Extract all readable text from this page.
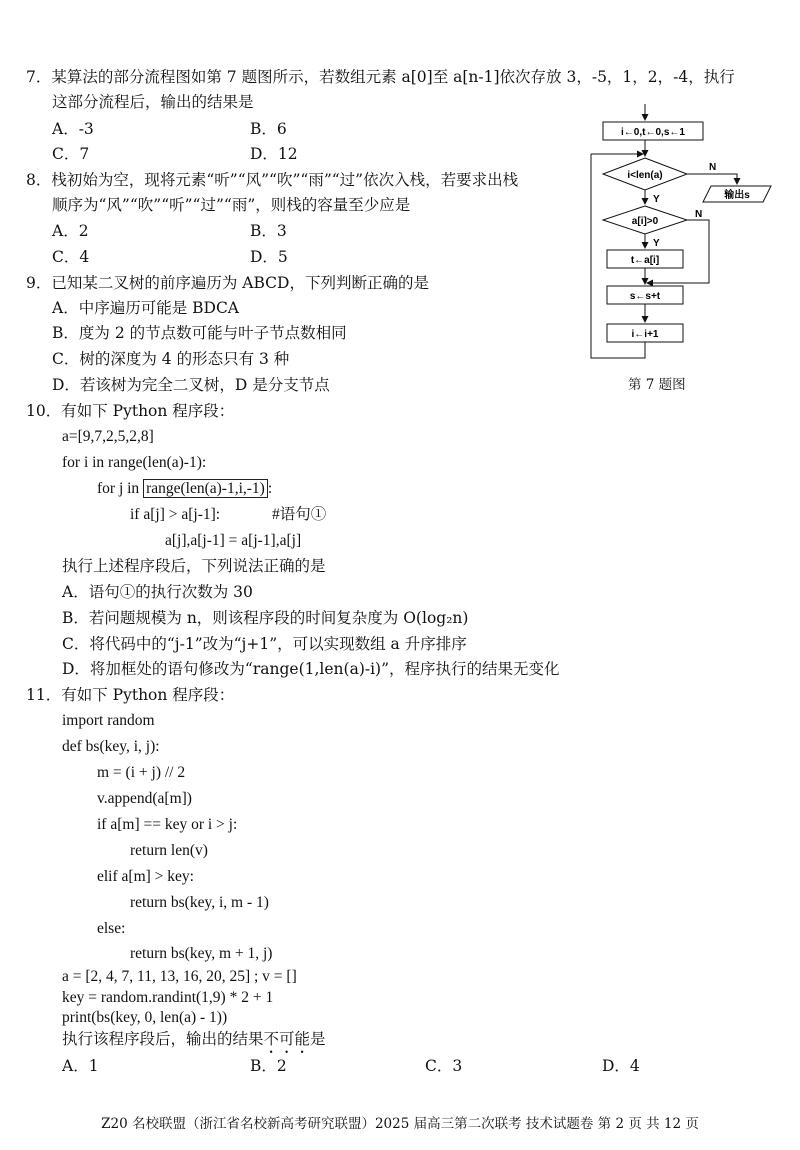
7．某算法的部分流程图如第 7 题图所示，若数组元素 a[0]至 a[n-1]依次存放 3，-5，1，2，-4，执行
这部分流程后，输出的结果是
A．-3	B．6
C．7	D．12
8．栈初始为空，现将元素“听”“风”“吹”“雨”“过”依次入栈，若要求出栈
顺序为“风”“吹”“听”“过”“雨”，则栈的容量至少应是
A．2	B．3
C．4	D．5
9．已知某二叉树的前序遍历为 ABCD，下列判断正确的是
A．中序遍历可能是 BDCA
B．度为 2 的节点数可能与叶子节点数相同
C．树的深度为 4 的形态只有 3 种
D．若该树为完全二叉树，D 是分支节点
i←0,t←0,s←1
i<len(a)
N
输出s
Y
a[i]>0
N
Y
t←a[i]
s←s+t
i←i+1
第 7 题图
10．有如下 Python 程序段：
a=[9,7,2,5,2,8]
for i in range(len(a)-1):
for j in range(len(a)-1,i,-1) :
if a[j] > a[j-1]:	#语句①
a[j],a[j-1] = a[j-1],a[j]
执行上述程序段后，下列说法正确的是
A．语句①的执行次数为 30
B．若问题规模为 n，则该程序段的时间复杂度为 O(log₂n)
C．将代码中的“j-1”改为“j+1”，可以实现数组 a 升序排序
D．将加框处的语句修改为“range(1,len(a)-i)”，程序执行的结果无变化
11．有如下 Python 程序段：
import random
def bs(key, i, j):
m = (i + j) // 2
v.append(a[m])
if a[m] == key or i > j:
return len(v)
elif a[m] > key:
return bs(key, i, m - 1)
else:
return bs(key, m + 1, j)
a = [2, 4, 7, 11, 13, 16, 20, 25] ; v = []
key = random.randint(1,9) * 2 + 1
print(bs(key, 0, len(a) - 1))
执行该程序段后，输出的结果不可能是
A．1	B．2	C．3	D．4
Z20 名校联盟（浙江省名校新高考研究联盟）2025 届高三第二次联考 技术试题卷 第 2 页 共 12 页
